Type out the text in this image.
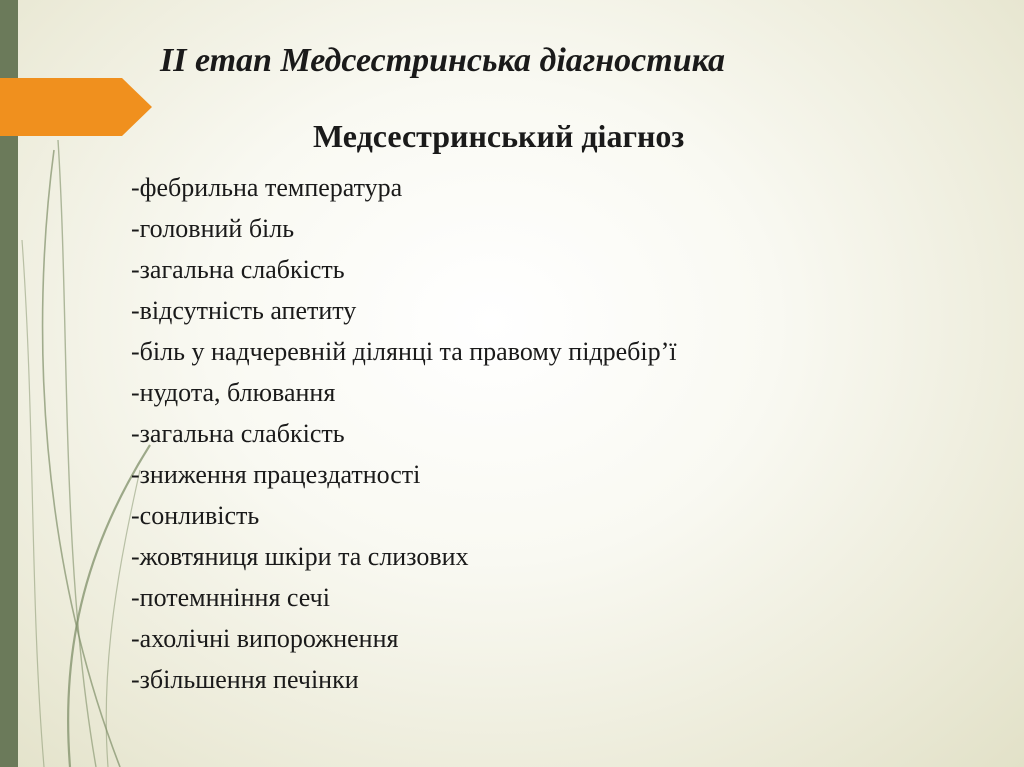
II етап Медсестринська діагностика
Медсестринський діагноз
-фебрильна температура
-головний біль
-загальна слабкість
-відсутність апетиту
-біль у надчеревній ділянці та правому підребір’ї
-нудота, блювання
-загальна слабкість
-зниження працездатності
-сонливість
-жовтяниця шкіри та слизових
-потемнніння сечі
-ахолічні випорожнення
-збільшення печінки
